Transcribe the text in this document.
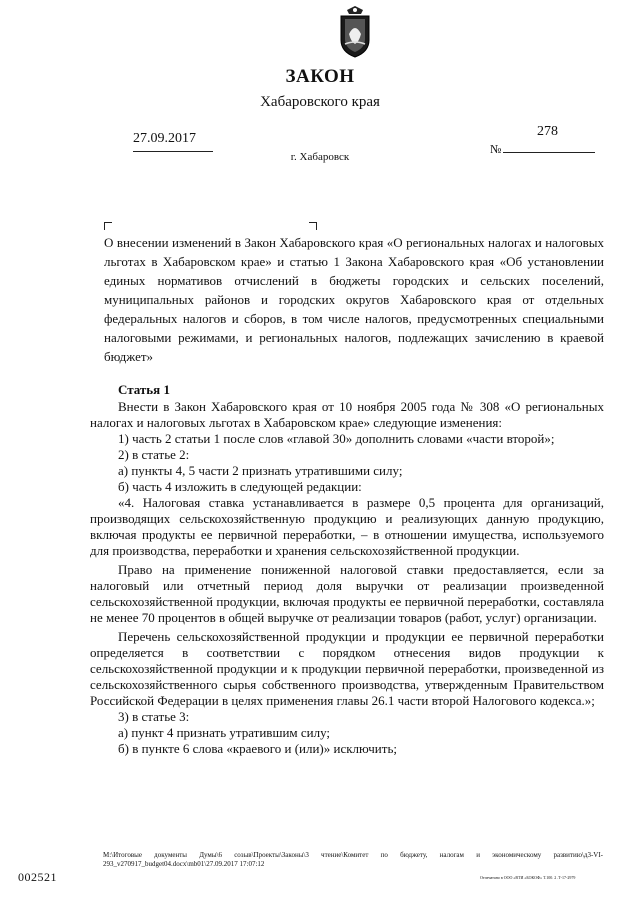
ЗАКОН
Хабаровского края
27.09.2017	278
№
г. Хабаровск
О внесении изменений в Закон Хабаровского края «О региональных налогах и налоговых льготах в Хабаровском крае» и статью 1 Закона Хабаровского края «Об установлении единых нормативов отчислений в бюджеты городских и сельских поселений, муниципальных районов и городских округов Хабаровского края от отдельных федеральных налогов и сборов, в том числе налогов, предусмотренных специальными налоговыми режимами, и региональных налогов, подлежащих зачислению в краевой бюджет»

Статья 1

Внести в Закон Хабаровского края от 10 ноября 2005 года № 308 «О региональных налогах и налоговых льготах в Хабаровском крае» следующие изменения:

1) часть 2 статьи 1 после слов «главой 30» дополнить словами «части второй»;

2) в статье 2:

а) пункты 4, 5 части 2 признать утратившими силу;

б) часть 4 изложить в следующей редакции:

«4. Налоговая ставка устанавливается в размере 0,5 процента для организаций, производящих сельскохозяйственную продукцию и реализующих данную продукцию, включая продукты ее первичной переработки, – в отношении имущества, используемого для производства, переработки и хранения сельскохозяйственной продукции.

Право на применение пониженной налоговой ставки предоставляется, если за налоговый или отчетный период доля выручки от реализации произведенной сельскохозяйственной продукции, включая продукты ее первичной переработки, составляла не менее 70 процентов в общей выручке от реализации товаров (работ, услуг) организации.

Перечень сельскохозяйственной продукции и продукции ее первичной переработки определяется в соответствии с порядком отнесения видов продукции к сельскохозяйственной продукции и к продукции первичной переработки, произведенной из сельскохозяйственного сырья собственного производства, утвержденным Правительством Российской Федерации в целях применения главы 26.1 части второй Налогового кодекса.»;

3) в статье 3:

а) пункт 4 признать утратившим силу;

б) в пункте 6 слова «краевого и (или)» исключить;

М:\Итоговые документы Думы\6 созыв\Проекты\Законы\3 чтение\Комитет по бюджету, налогам и экономическому развитию\д3-VI-293_v270917_budget04.docx\mb01\27.09.2017 17:07:12
002521	Отпечатано в ООО «ВТИ «БОКОФ» Т.100. 2 .Т-17-2979
